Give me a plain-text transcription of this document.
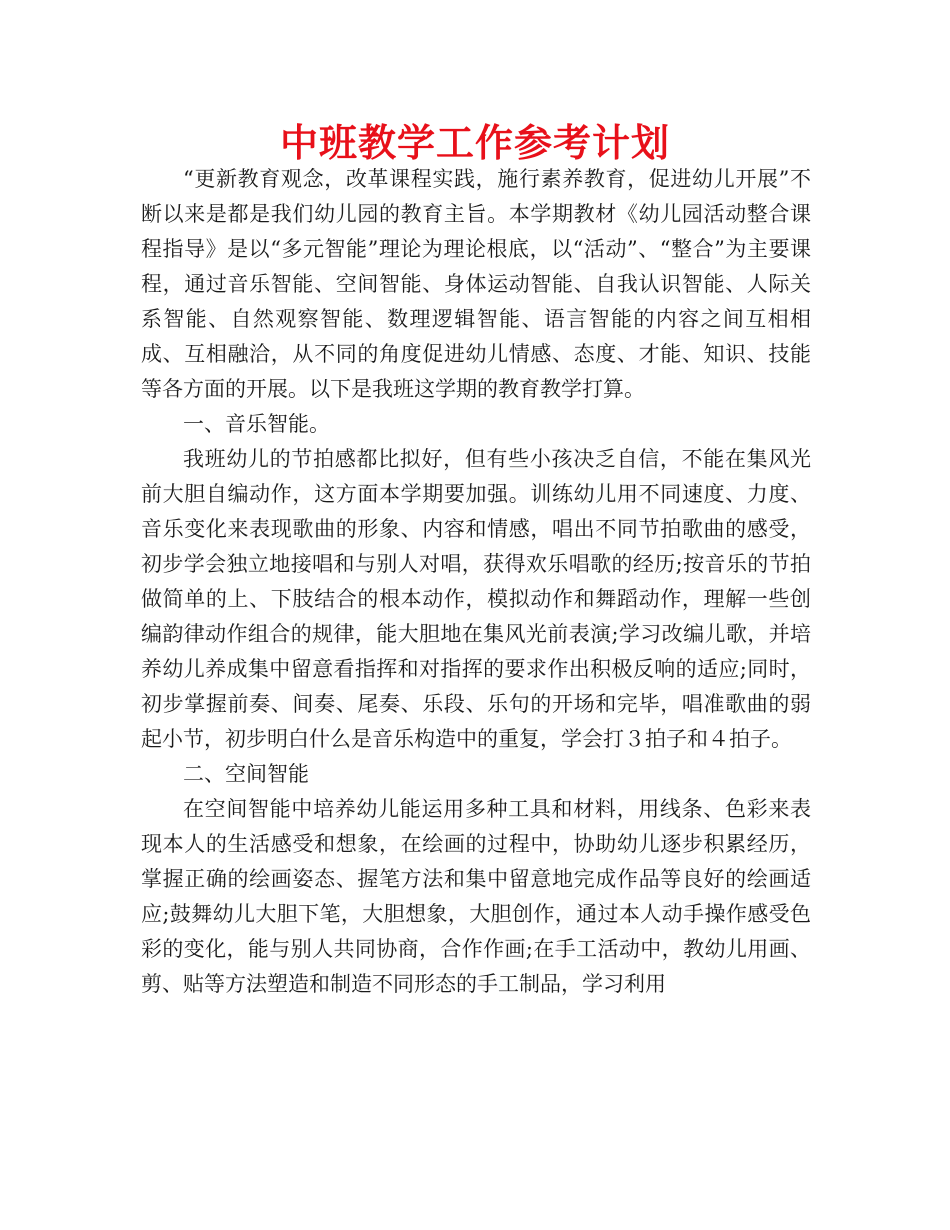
中班教学工作参考计划

“更新教育观念，改革课程实践，施行素养教育，促进幼儿开展”不断以来是都是我们幼儿园的教育主旨。本学期教材《幼儿园活动整合课程指导》是以“多元智能”理论为理论根底，以“活动”、“整合”为主要课程，通过音乐智能、空间智能、身体运动智能、自我认识智能、人际关系智能、自然观察智能、数理逻辑智能、语言智能的内容之间互相相成、互相融洽，从不同的角度促进幼儿情感、态度、才能、知识、技能等各方面的开展。以下是我班这学期的教育教学打算。

一、音乐智能。

我班幼儿的节拍感都比拟好，但有些小孩决乏自信，不能在集风光前大胆自编动作，这方面本学期要加强。训练幼儿用不同速度、力度、音乐变化来表现歌曲的形象、内容和情感，唱出不同节拍歌曲的感受，初步学会独立地接唱和与别人对唱，获得欢乐唱歌的经历;按音乐的节拍做简单的上、下肢结合的根本动作，模拟动作和舞蹈动作，理解一些创编韵律动作组合的规律，能大胆地在集风光前表演;学习改编儿歌，并培养幼儿养成集中留意看指挥和对指挥的要求作出积极反响的适应;同时，初步掌握前奏、间奏、尾奏、乐段、乐句的开场和完毕，唱准歌曲的弱起小节，初步明白什么是音乐构造中的重复，学会打３拍子和４拍子。

二、空间智能

在空间智能中培养幼儿能运用多种工具和材料，用线条、色彩来表现本人的生活感受和想象，在绘画的过程中，协助幼儿逐步积累经历，掌握正确的绘画姿态、握笔方法和集中留意地完成作品等良好的绘画适应;鼓舞幼儿大胆下笔，大胆想象，大胆创作，通过本人动手操作感受色彩的变化，能与别人共同协商，合作作画;在手工活动中，教幼儿用画、剪、贴等方法塑造和制造不同形态的手工制品，学习利用
